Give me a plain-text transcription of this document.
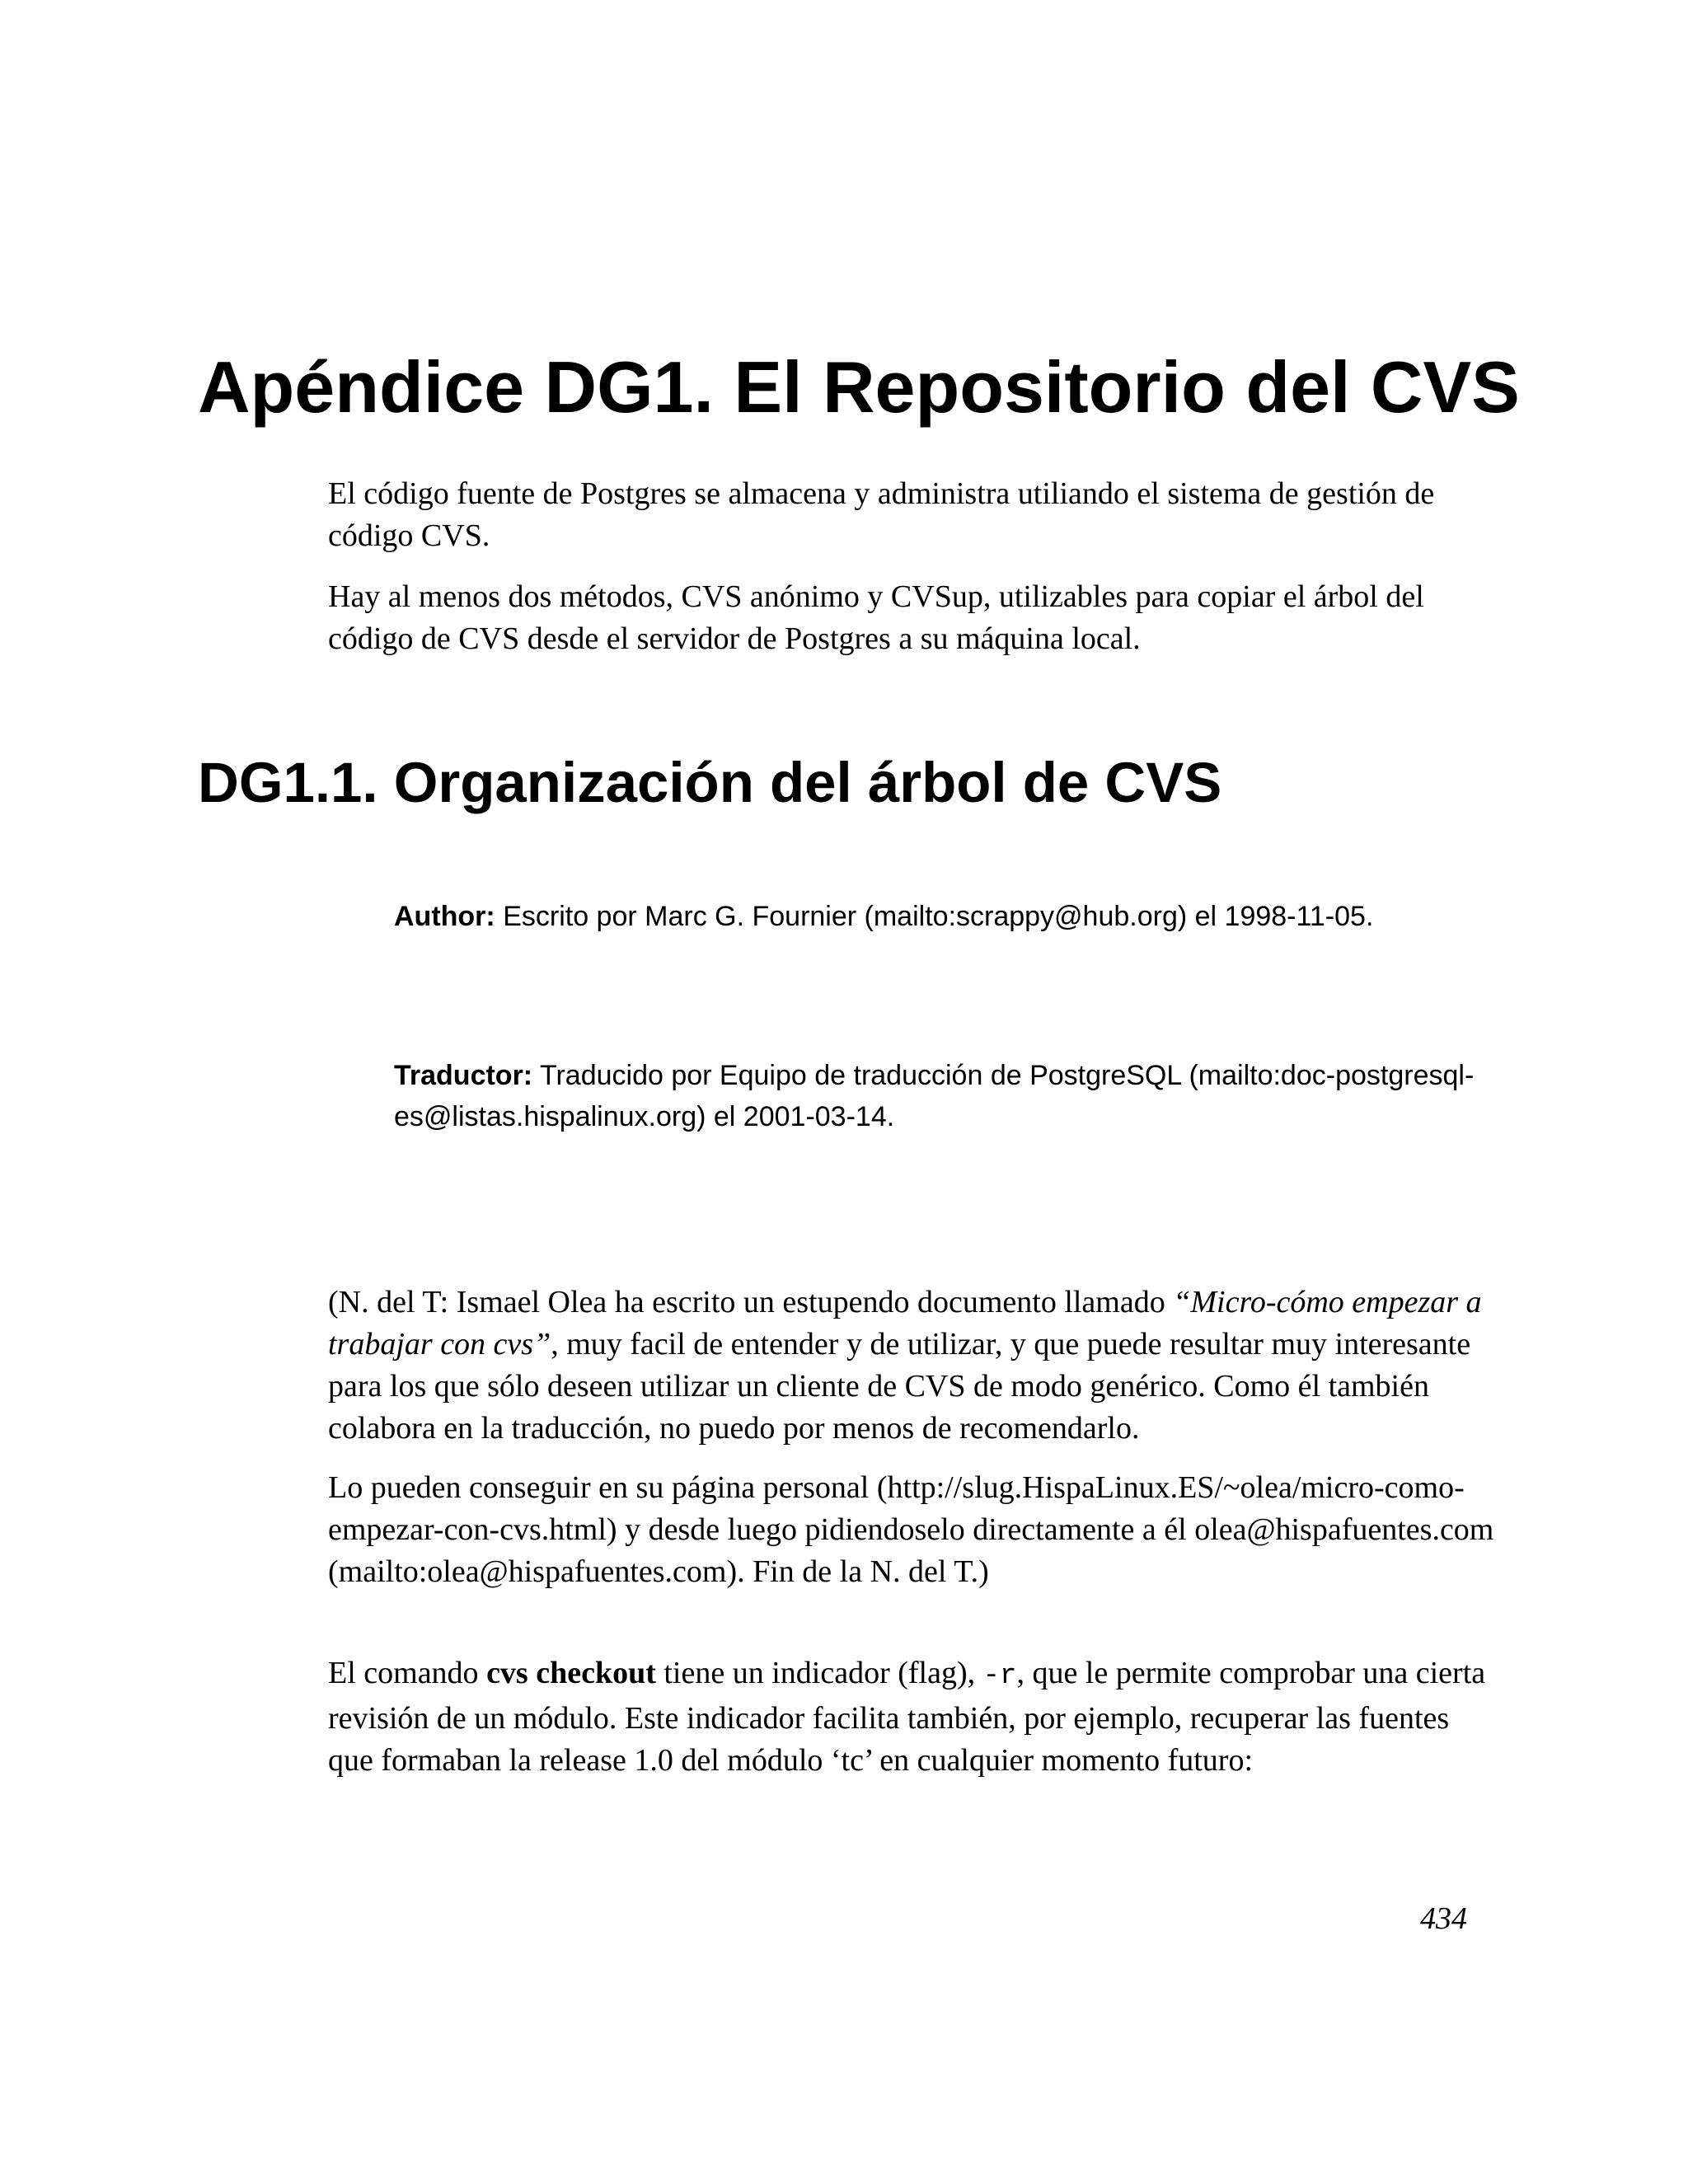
Apéndice DG1. El Repositorio del CVS

El código fuente de Postgres se almacena y administra utiliando el sistema de gestión de código CVS.

Hay al menos dos métodos, CVS anónimo y CVSup, utilizables para copiar el árbol del código de CVS desde el servidor de Postgres a su máquina local.

DG1.1. Organización del árbol de CVS

Author: Escrito por Marc G. Fournier (mailto:scrappy@hub.org) el 1998-11-05.

Traductor: Traducido por Equipo de traducción de PostgreSQL (mailto:doc-postgresql-es@listas.hispalinux.org) el 2001-03-14.

(N. del T: Ismael Olea ha escrito un estupendo documento llamado “Micro-cómo empezar a trabajar con cvs”, muy facil de entender y de utilizar, y que puede resultar muy interesante para los que sólo deseen utilizar un cliente de CVS de modo genérico. Como él también colabora en la traducción, no puedo por menos de recomendarlo.

Lo pueden conseguir en su página personal (http://slug.HispaLinux.ES/~olea/micro-como-empezar-con-cvs.html) y desde luego pidiendoselo directamente a él olea@hispafuentes.com (mailto:olea@hispafuentes.com). Fin de la N. del T.)

El comando cvs checkout tiene un indicador (flag), -r, que le permite comprobar una cierta revisión de un módulo. Este indicador facilita también, por ejemplo, recuperar las fuentes que formaban la release 1.0 del módulo ‘tc’ en cualquier momento futuro:

434
